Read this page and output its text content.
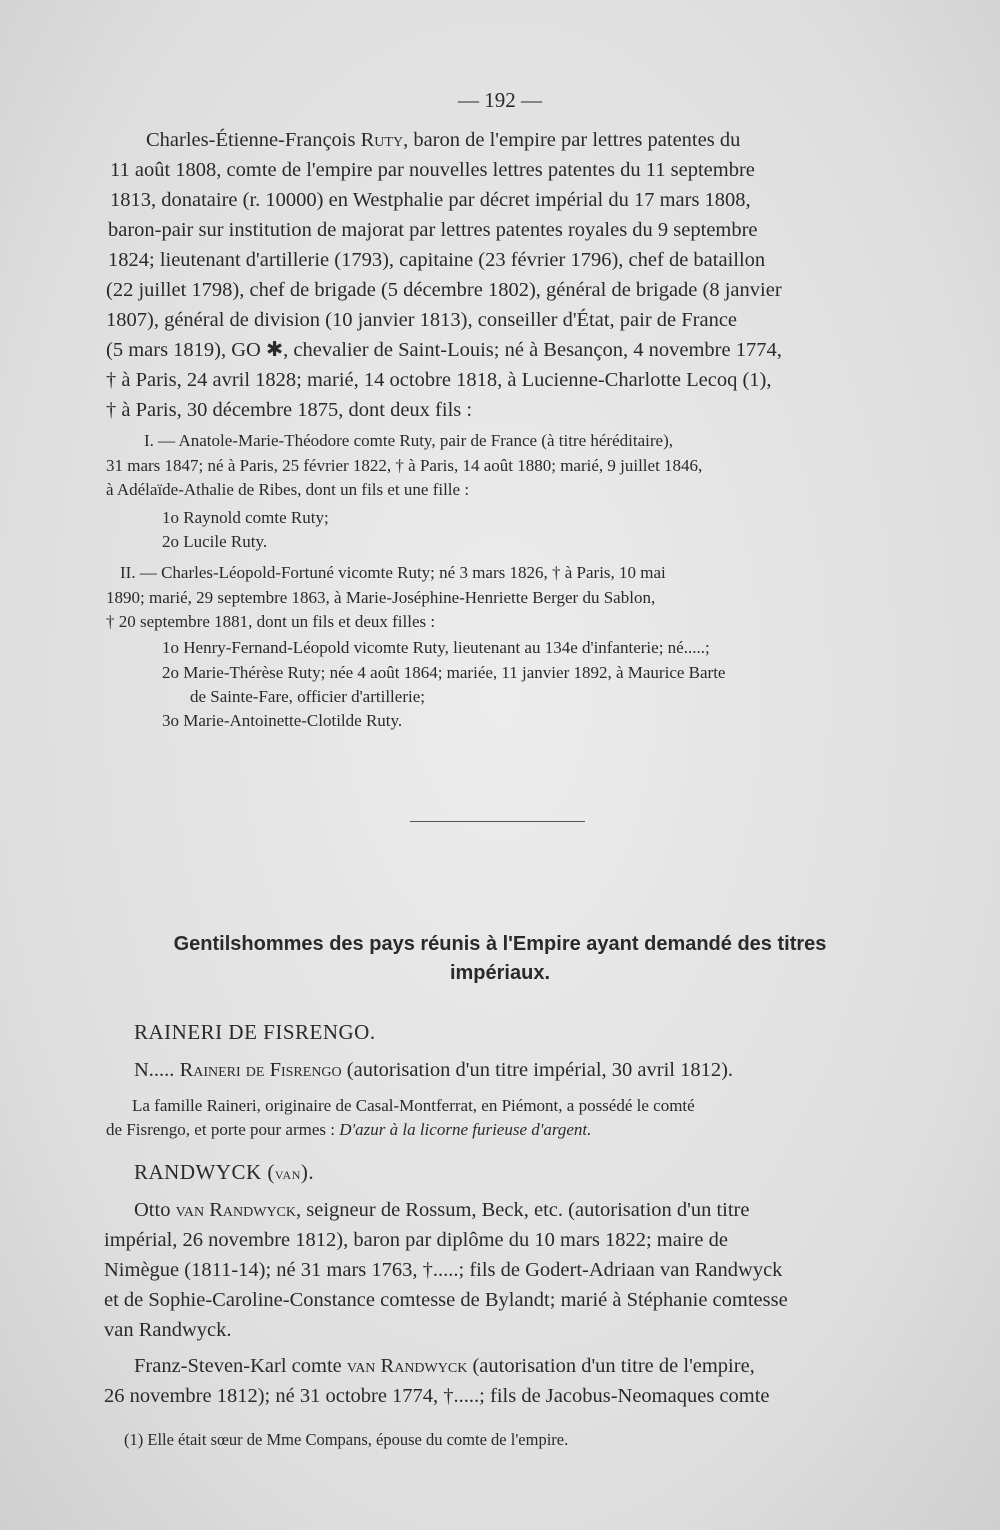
— 192 —
Charles-Étienne-François Ruty, baron de l'empire par lettres patentes du
11 août 1808, comte de l'empire par nouvelles lettres patentes du 11 septembre
1813, donataire (r. 10000) en Westphalie par décret impérial du 17 mars 1808,
baron-pair sur institution de majorat par lettres patentes royales du 9 septembre
1824; lieutenant d'artillerie (1793), capitaine (23 février 1796), chef de bataillon
(22 juillet 1798), chef de brigade (5 décembre 1802), général de brigade (8 janvier
1807), général de division (10 janvier 1813), conseiller d'État, pair de France
(5 mars 1819), GO ✱, chevalier de Saint-Louis; né à Besançon, 4 novembre 1774,
† à Paris, 24 avril 1828; marié, 14 octobre 1818, à Lucienne-Charlotte Lecoq (1),
† à Paris, 30 décembre 1875, dont deux fils :
I. — Anatole-Marie-Théodore comte Ruty, pair de France (à titre héréditaire),
31 mars 1847; né à Paris, 25 février 1822, † à Paris, 14 août 1880; marié, 9 juillet 1846,
à Adélaïde-Athalie de Ribes, dont un fils et une fille :
1o Raynold comte Ruty;
2o Lucile Ruty.
II. — Charles-Léopold-Fortuné vicomte Ruty; né 3 mars 1826, † à Paris, 10 mai
1890; marié, 29 septembre 1863, à Marie-Joséphine-Henriette Berger du Sablon,
† 20 septembre 1881, dont un fils et deux filles :
1o Henry-Fernand-Léopold vicomte Ruty, lieutenant au 134e d'infanterie; né.....;
2o Marie-Thérèse Ruty; née 4 août 1864; mariée, 11 janvier 1892, à Maurice Barte
de Sainte-Fare, officier d'artillerie;
3o Marie-Antoinette-Clotilde Ruty.
Gentilshommes des pays réunis à l'Empire ayant demandé des titres
impériaux.
RAINERI DE FISRENGO.
N..... Raineri de Fisrengo (autorisation d'un titre impérial, 30 avril 1812).
La famille Raineri, originaire de Casal-Montferrat, en Piémont, a possédé le comté
de Fisrengo, et porte pour armes : D'azur à la licorne furieuse d'argent.
RANDWYCK (van).
Otto van Randwyck, seigneur de Rossum, Beck, etc. (autorisation d'un titre
impérial, 26 novembre 1812), baron par diplôme du 10 mars 1822; maire de
Nimègue (1811-14); né 31 mars 1763, †.....; fils de Godert-Adriaan van Randwyck
et de Sophie-Caroline-Constance comtesse de Bylandt; marié à Stéphanie comtesse
van Randwyck.
Franz-Steven-Karl comte van Randwyck (autorisation d'un titre de l'empire,
26 novembre 1812); né 31 octobre 1774, †.....; fils de Jacobus-Neomaques comte
(1) Elle était sœur de Mme Compans, épouse du comte de l'empire.
